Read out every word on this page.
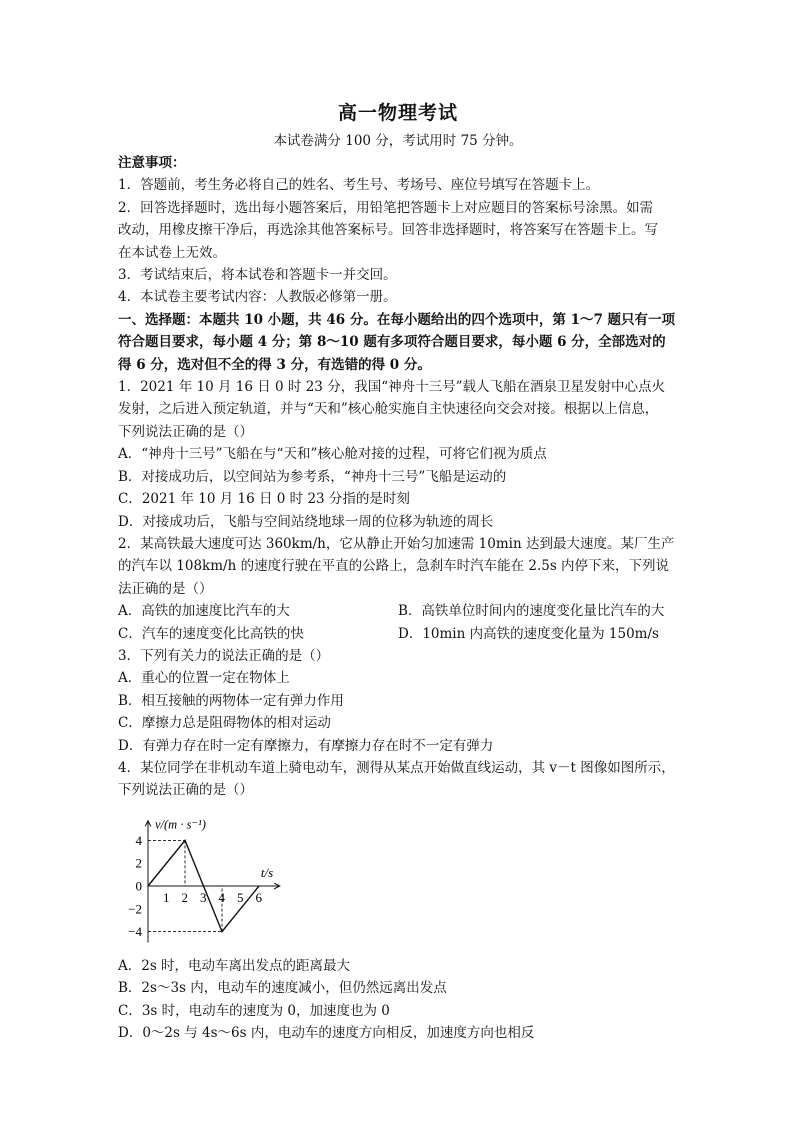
高一物理考试
本试卷满分 100 分，考试用时 75 分钟。
注意事项：
1．答题前，考生务必将自己的姓名、考生号、考场号、座位号填写在答题卡上。
2．回答选择题时，选出每小题答案后，用铅笔把答题卡上对应题目的答案标号涂黑。如需
改动，用橡皮擦干净后，再选涂其他答案标号。回答非选择题时，将答案写在答题卡上。写
在本试卷上无效。
3．考试结束后，将本试卷和答题卡一并交回。
4．本试卷主要考试内容：人教版必修第一册。
一、选择题：本题共 10 小题，共 46 分。在每小题给出的四个选项中，第 1～7 题只有一项
符合题目要求，每小题 4 分；第 8～10 题有多项符合题目要求，每小题 6 分，全部选对的
得 6 分，选对但不全的得 3 分，有选错的得 0 分。
1．2021 年 10 月 16 日 0 时 23 分，我国“神舟十三号”载人飞船在酒泉卫星发射中心点火
发射，之后进入预定轨道，并与“天和”核心舱实施自主快速径向交会对接。根据以上信息，
下列说法正确的是（）
A．“神舟十三号”飞船在与“天和”核心舱对接的过程，可将它们视为质点
B．对接成功后，以空间站为参考系，“神舟十三号”飞船是运动的
C．2021 年 10 月 16 日 0 时 23 分指的是时刻
D．对接成功后，飞船与空间站绕地球一周的位移为轨迹的周长
2．某高铁最大速度可达 360km/h，它从静止开始匀加速需 10min 达到最大速度。某厂生产
的汽车以 108km/h 的速度行驶在平直的公路上，急刹车时汽车能在 2.5s 内停下来，下列说
法正确的是（）
A．高铁的加速度比汽车的大	B．高铁单位时间内的速度变化量比汽车的大
C．汽车的速度变化比高铁的快	D．10min 内高铁的速度变化量为 150m/s
3．下列有关力的说法正确的是（）
A．重心的位置一定在物体上
B．相互接触的两物体一定有弹力作用
C．摩擦力总是阻碍物体的相对运动
D．有弹力存在时一定有摩擦力，有摩擦力存在时不一定有弹力
4．某位同学在非机动车道上骑电动车，测得从某点开始做直线运动，其 v－t 图像如图所示，
下列说法正确的是（）
1 2 3 4 5 6
4
2
0
−2
−4
v/(m · s⁻¹)
t/s
A．2s 时，电动车离出发点的距离最大
B．2s～3s 内，电动车的速度减小，但仍然远离出发点
C．3s 时，电动车的速度为 0，加速度也为 0
D．0～2s 与 4s～6s 内，电动车的速度方向相反，加速度方向也相反
